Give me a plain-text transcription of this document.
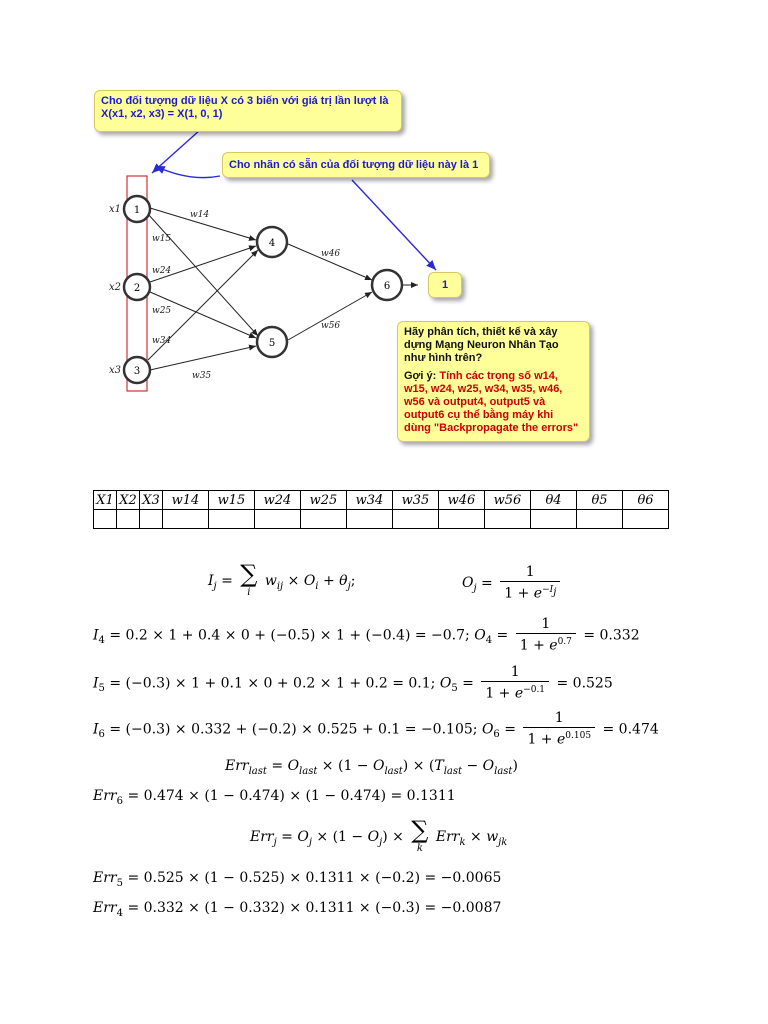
1
2
3
4
5
6
x1
x2
x3
w14
w15
w24
w25
w34
w35
w46
w56
Cho đối tượng dữ liệu X có 3 biến với giá trị lần lượt là X(x1, x2, x3) = X(1, 0, 1)
Cho nhãn có sẵn của đối tượng dữ liệu này là 1
1
Hãy phân tích, thiết kế và xây dựng Mạng Neuron Nhân Tạo như hình trên?
Gợi ý: Tính các trọng số w14, w15, w24, w25, w34, w35, w46, w56 và output4, output5 và output6 cụ thể bằng máy khi dùng "Backpropagate the errors"
X1	X2	X3	w14	w15	w24	w25	w34	w35	w46	w56	θ4	θ5	θ6

$I_j$ = ∑
i
$w_{ij} \times O_i + \theta_j$;	$O_j = \frac{1}{1 + e^{-I_j}}$
$I_4 = 0.2 \times 1 + 0.4 \times 0 + (-0.5) \times 1 + (-0.4) = -0.7$; $O_4 = \frac{1}{1 + e^{0.7}} = 0.332$
$I_5 = (-0.3) \times 1 + 0.1 \times 0 + 0.2 \times 1 + 0.2 = 0.1$; $O_5 = \frac{1}{1 + e^{-0.1}} = 0.525$
$I_6 = (-0.3) \times 0.332 + (-0.2) \times 0.525 + 0.1 = -0.105$; $O_6 = \frac{1}{1 + e^{0.105}} = 0.474$
$Err_{last} = O_{last} \times (1 - O_{last}) \times (T_{last} - O_{last})$
Err$_6$ = 0.474 × (1 − 0.474) × (1 − 0.474) = 0.1311
$Err_j = O_j \times (1 - O_j)$ × ∑
k
$Err_k \times w_{jk}$
Err$_5$ = 0.525 × (1 − 0.525) × 0.1311 × (−0.2) = −0.0065
Err$_4$ = 0.332 × (1 − 0.332) × 0.1311 × (−0.3) = −0.0087
